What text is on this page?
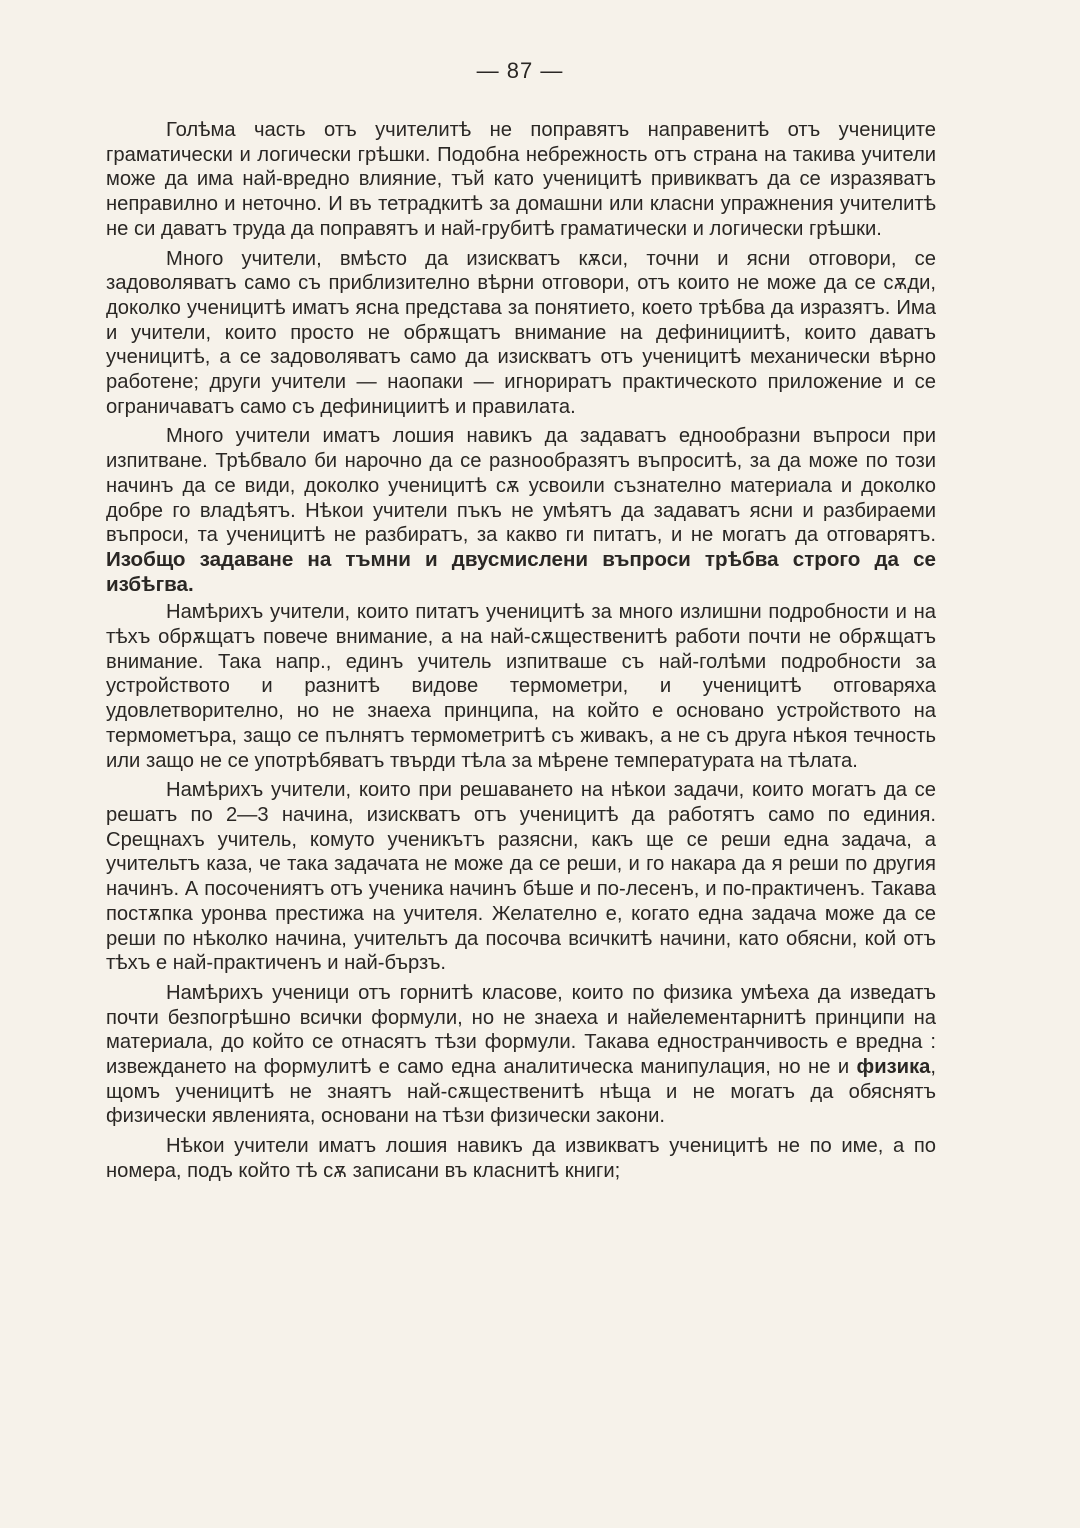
— 87 —

Голѣма часть отъ учителитѣ не поправятъ направенитѣ отъ учениците граматически и логически грѣшки. Подобна небрежность отъ страна на такива учители може да има най-вредно влияние, тъй като ученицитѣ привикватъ да се изразяватъ неправилно и неточно. И въ тетрадкитѣ за домашни или класни упражнения учителитѣ не си даватъ труда да поправятъ и най-грубитѣ граматически и логически грѣшки.

Много учители, вмѣсто да изискватъ кѫси, точни и ясни отговори, се задоволяватъ само съ приблизително вѣрни отговори, отъ които не може да се сѫди, доколко ученицитѣ иматъ ясна представа за понятието, което трѣбва да изразятъ. Има и учители, които просто не обрѫщатъ внимание на дефинициитѣ, които даватъ ученицитѣ, а се задоволяватъ само да изискватъ отъ ученицитѣ механически вѣрно работене; други учители — наопаки — игнориратъ практическото приложение и се ограничаватъ само съ дефинициитѣ и правилата.

Много учители иматъ лошия навикъ да задаватъ еднообразни въпроси при изпитване. Трѣбвало би нарочно да се разнообразятъ въпроситѣ, за да може по този начинъ да се види, доколко ученицитѣ сѫ усвоили съзнателно материала и доколко добре го владѣятъ. Нѣкои учители пъкъ не умѣятъ да задаватъ ясни и разбираеми въпроси, та ученицитѣ не разбиратъ, за какво ги питатъ, и не могатъ да отговарятъ. Изобщо задаване на тъмни и двусмислени въпроси трѣбва строго да се избѣгва.

Намѣрихъ учители, които питатъ ученицитѣ за много излишни подробности и на тѣхъ обрѫщатъ повече внимание, а на най-сѫщественитѣ работи почти не обрѫщатъ внимание. Така напр., единъ учитель изпитваше съ най-голѣми подробности за устройството и разнитѣ видове термометри, и ученицитѣ отговаряха удовлетворително, но не знаеха принципа, на който е основано устройството на термометъра, защо се пълнятъ термометритѣ съ живакъ, а не съ друга нѣкоя течность или защо не се употрѣбяватъ твърди тѣла за мѣрене температурата на тѣлата.

Намѣрихъ учители, които при решаването на нѣкои задачи, които могатъ да се решатъ по 2—3 начина, изискватъ отъ ученицитѣ да работятъ само по единия. Срещнахъ учитель, комуто ученикътъ разясни, какъ ще се реши една задача, а учительтъ каза, че така задачата не може да се реши, и го накара да я реши по другия начинъ. А посочениятъ отъ ученика начинъ бѣше и по-лесенъ, и по-практиченъ. Такава постѫпка уронва престижа на учителя. Желателно е, когато една задача може да се реши по нѣколко начина, учительтъ да посочва всичкитѣ начини, като обясни, кой отъ тѣхъ е най-практиченъ и най-бързъ.

Намѣрихъ ученици отъ горнитѣ класове, които по физика умѣеха да изведатъ почти безпогрѣшно всички формули, но не знаеха и найелементарнитѣ принципи на материала, до който се отнасятъ тѣзи формули. Такава едностранчивость е вредна : извеждането на формулитѣ е само една аналитическа манипулация, но не и физика, щомъ ученицитѣ не знаятъ най-сѫщественитѣ нѣща и не могатъ да обяснятъ физически явленията, основани на тѣзи физически закони.

Нѣкои учители иматъ лошия навикъ да извикватъ ученицитѣ не по име, а по номера, подъ който тѣ сѫ записани въ класнитѣ книги;
